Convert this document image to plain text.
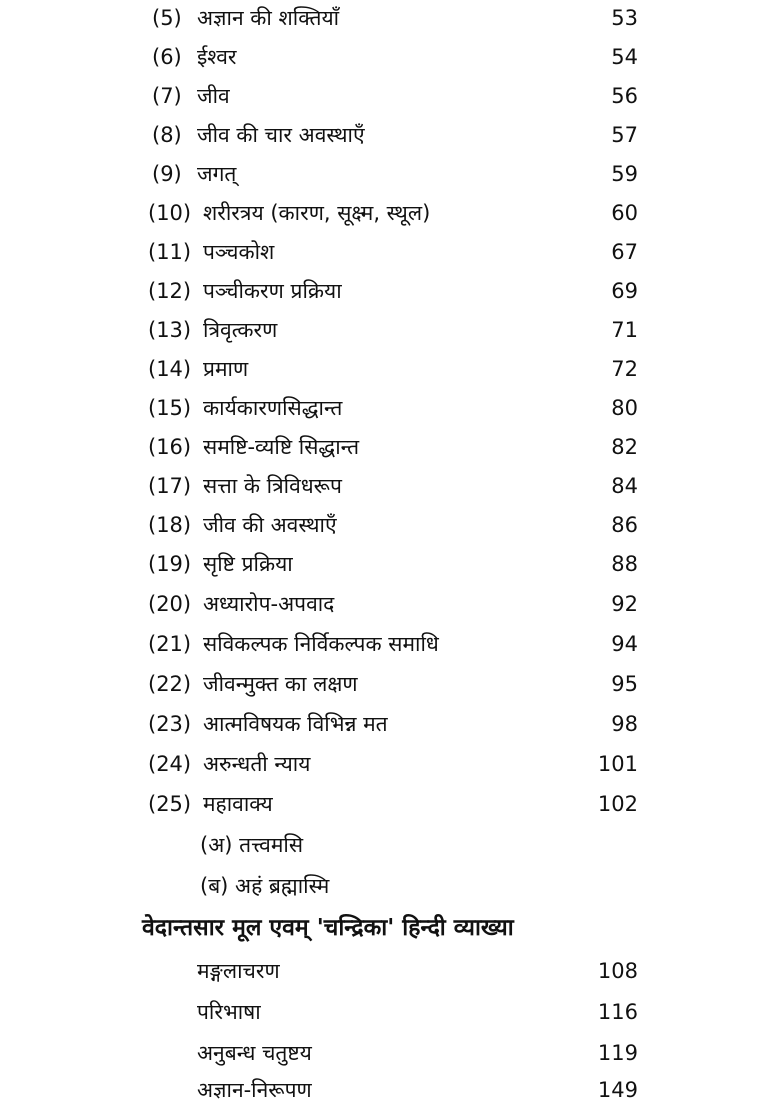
(5) अज्ञान की शक्तियाँ	53
(6) ईश्वर	54
(7) जीव	56
(8) जीव की चार अवस्थाएँ	57
(9) जगत्	59
(10) शरीरत्रय (कारण, सूक्ष्म, स्थूल)	60
(11) पञ्चकोश	67
(12) पञ्चीकरण प्रक्रिया	69
(13) त्रिवृत्करण	71
(14) प्रमाण	72
(15) कार्यकारणसिद्धान्त	80
(16) समष्टि-व्यष्टि सिद्धान्त	82
(17) सत्ता के त्रिविधरूप	84
(18) जीव की अवस्थाएँ	86
(19) सृष्टि प्रक्रिया	88
(20) अध्यारोप-अपवाद	92
(21) सविकल्पक निर्विकल्पक समाधि	94
(22) जीवन्मुक्त का लक्षण	95
(23) आत्मविषयक विभिन्न मत	98
(24) अरुन्धती न्याय	101
(25) महावाक्य	102
(अ) तत्त्वमसि
(ब) अहं ब्रह्मास्मि
वेदान्तसार मूल एवम् 'चन्द्रिका' हिन्दी व्याख्या
मङ्गलाचरण	108
परिभाषा	116
अनुबन्ध चतुष्टय	119
अज्ञान-निरूपण	149
